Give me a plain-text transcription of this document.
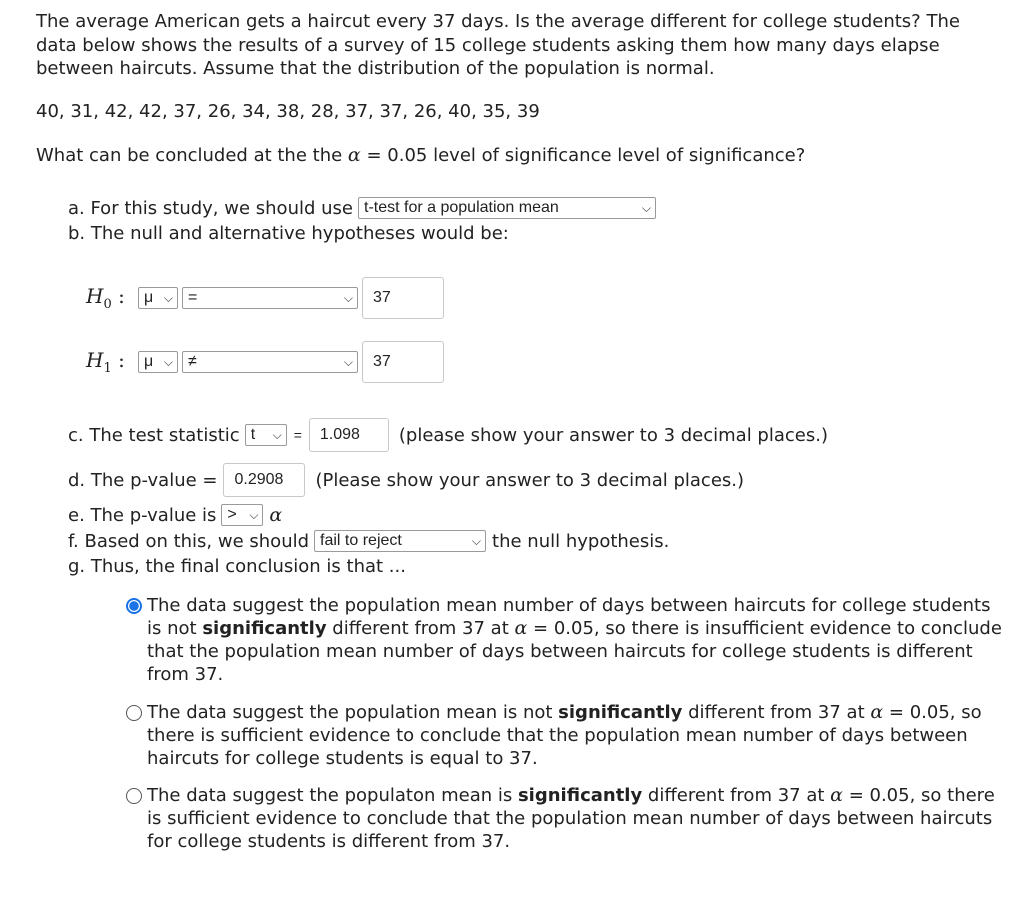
The average American gets a haircut every 37 days. Is the average different for college students? The data below shows the results of a survey of 15 college students asking them how many days elapse between haircuts. Assume that the distribution of the population is normal.

40, 31, 42, 42, 37, 26, 34, 38, 28, 37, 37, 26, 40, 35, 39

What can be concluded at the the α = 0.05 level of significance level of significance?

a. For this study, we should use t-test for a population mean	⌵
b. The null and alternative hypotheses would be:
$H_0$ :	μ ⌵ =	⌵	37
$H_1$ :	μ ⌵ ≠	⌵	37
c. The test statistic t ⌵ =	1.098	(please show your answer to 3 decimal places.)
d. The p-value =	0.2908	(Please show your answer to 3 decimal places.)
e. The p-value is > ⌵ α
f. Based on this, we should fail to reject	⌵ the null hypothesis.
g. Thus, the final conclusion is that ...
The data suggest the population mean number of days between haircuts for college students is not significantly different from 37 at α = 0.05, so there is insufficient evidence to conclude that the population mean number of days between haircuts for college students is different from 37.
The data suggest the population mean is not significantly different from 37 at α = 0.05, so there is sufficient evidence to conclude that the population mean number of days between haircuts for college students is equal to 37.
The data suggest the populaton mean is significantly different from 37 at α = 0.05, so there is sufficient evidence to conclude that the population mean number of days between haircuts for college students is different from 37.
